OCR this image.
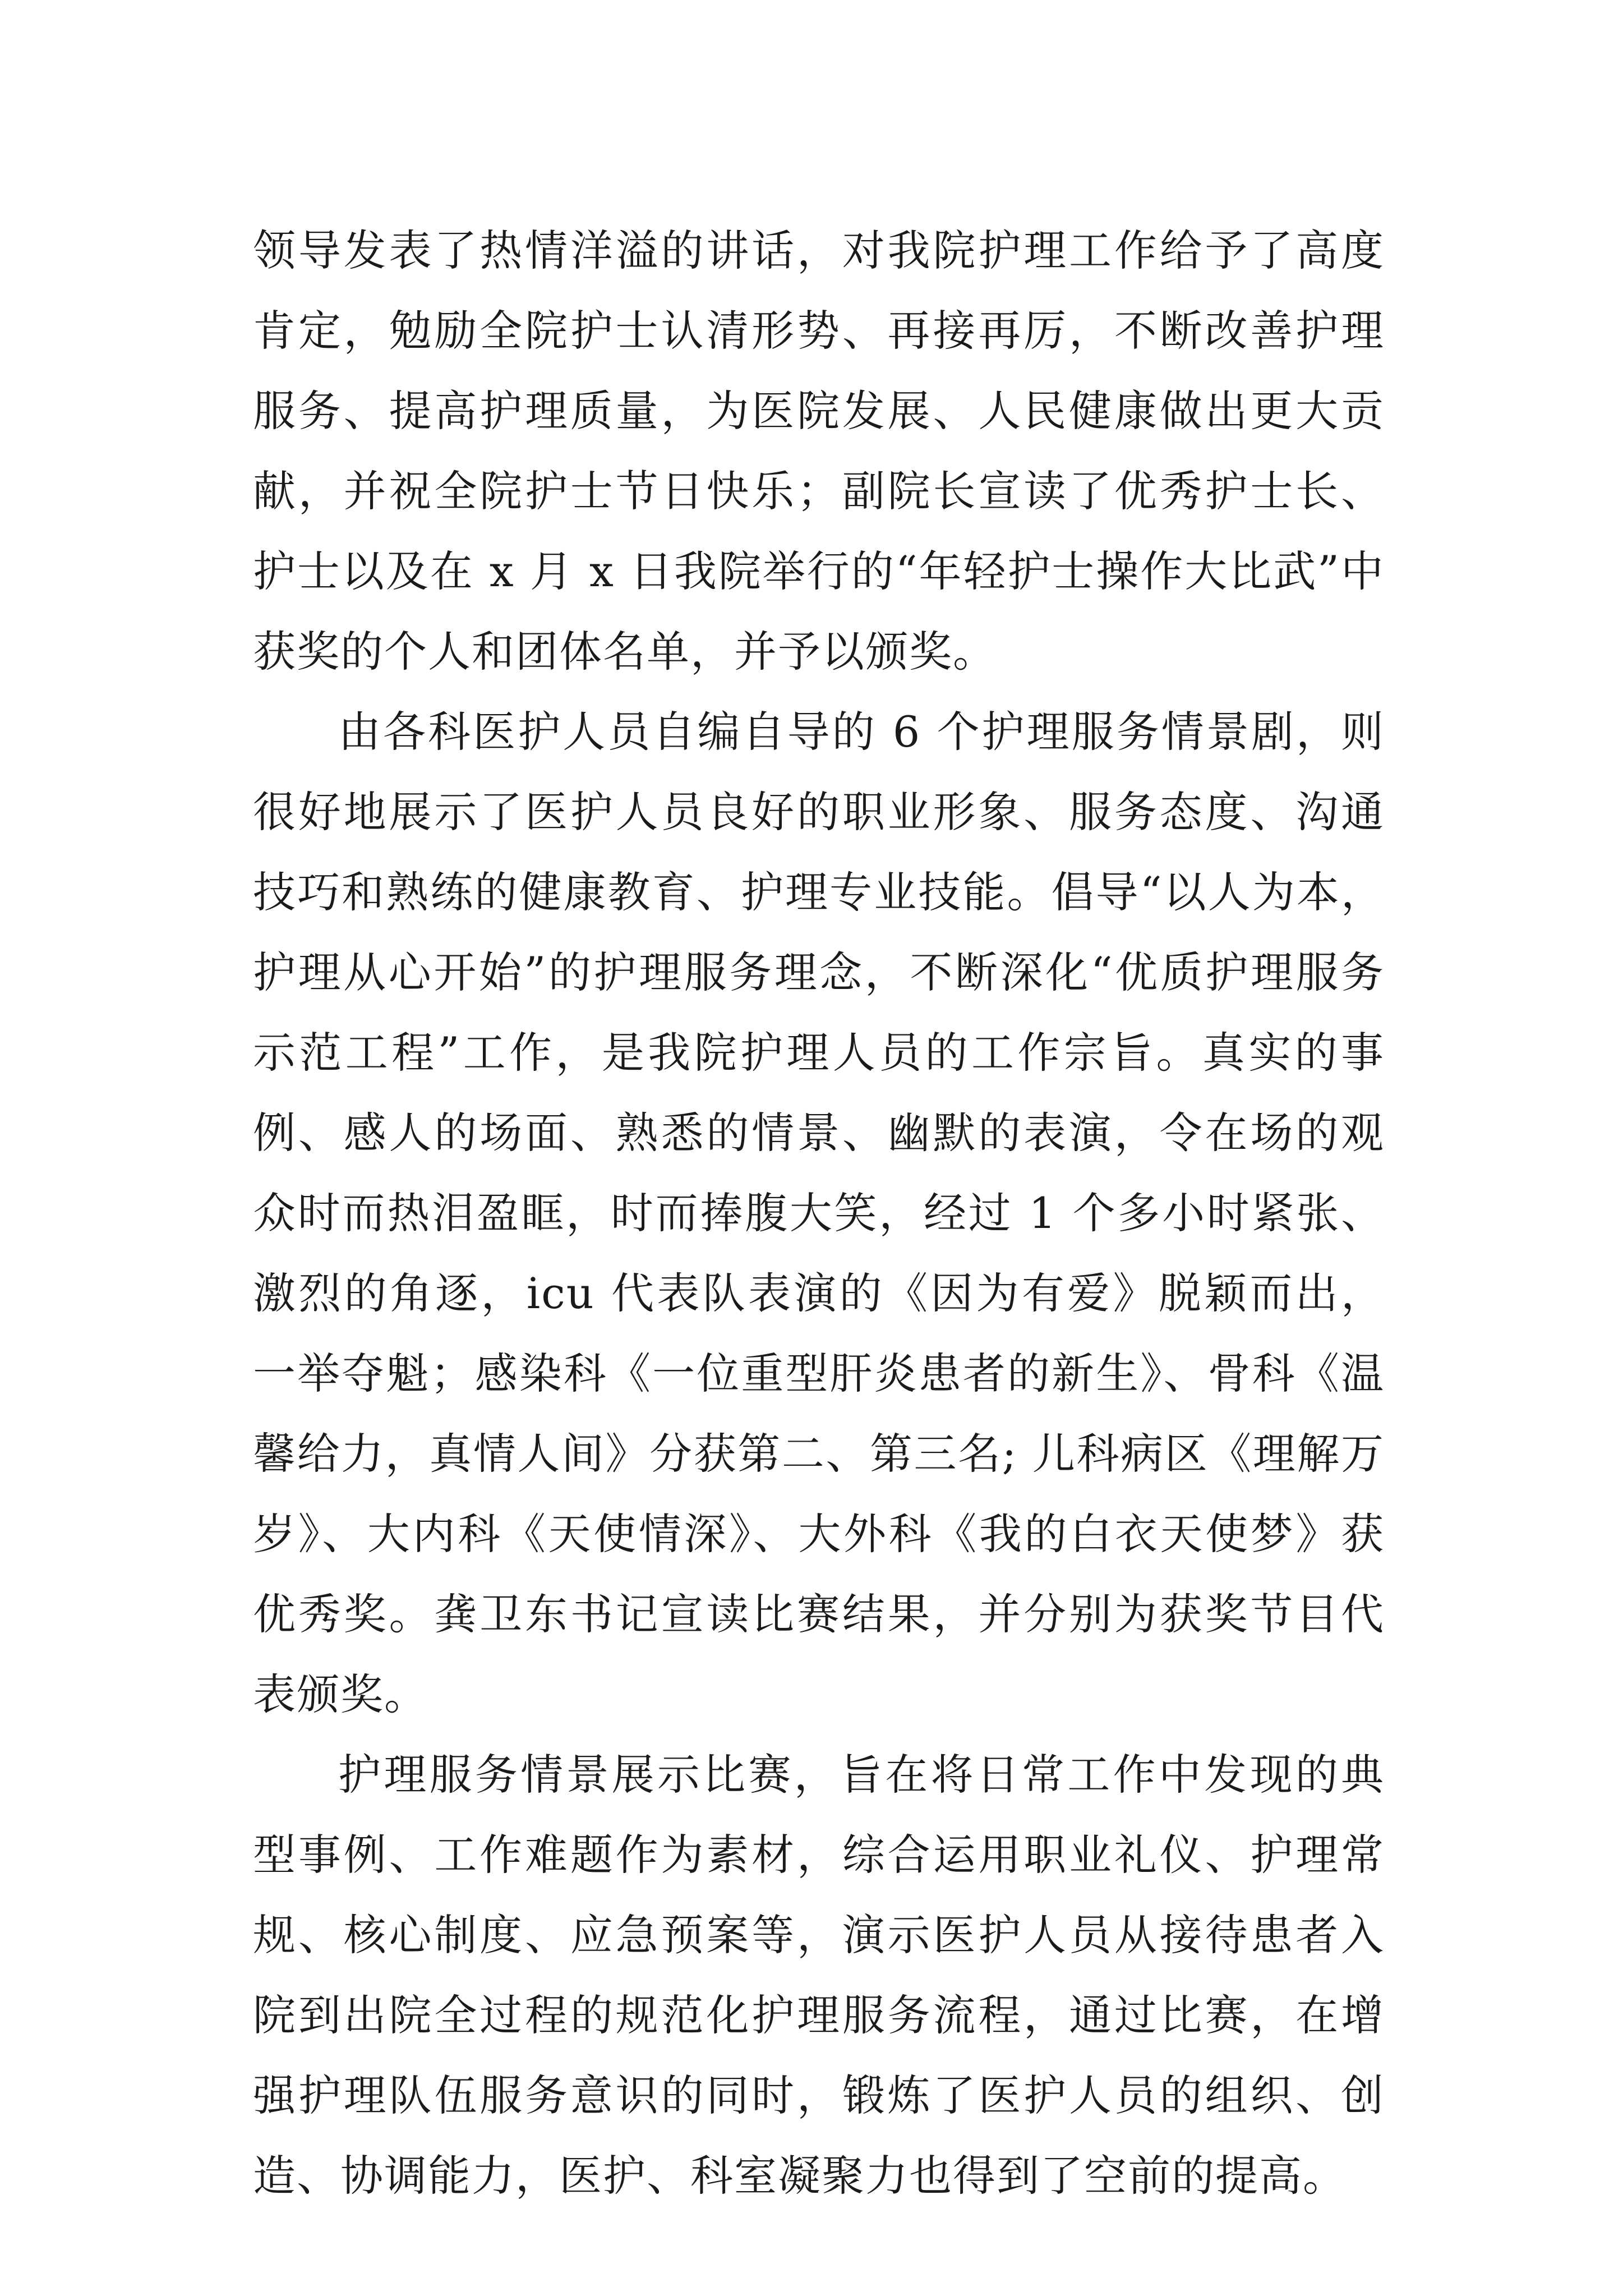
领导发表了热情洋溢的讲话，对我院护理工作给予了高度肯定，勉励全院护士认清形势、再接再厉，不断改善护理服务、提高护理质量，为医院发展、人民健康做出更大贡献，并祝全院护士节日快乐；副院长宣读了优秀护士长、护士以及在 x 月 x 日我院举行的“年轻护士操作大比武”中获奖的个人和团体名单，并予以颁奖。

由各科医护人员自编自导的 6 个护理服务情景剧，则很好地展示了医护人员良好的职业形象、服务态度、沟通技巧和熟练的健康教育、护理专业技能。倡导“以人为本，护理从心开始”的护理服务理念，不断深化“优质护理服务示范工程”工作，是我院护理人员的工作宗旨。真实的事例、感人的场面、熟悉的情景、幽默的表演，令在场的观众时而热泪盈眶，时而捧腹大笑，经过 1 个多小时紧张、激烈的角逐，icu 代表队表演的《因为有爱》脱颖而出，一举夺魁；感染科《一位重型肝炎患者的新生》、骨科《温馨给力，真情人间》分获第二、第三名; 儿科病区《理解万岁》、大内科《天使情深》、大外科《我的白衣天使梦》获优秀奖。龚卫东书记宣读比赛结果，并分别为获奖节目代表颁奖。

护理服务情景展示比赛，旨在将日常工作中发现的典型事例、工作难题作为素材，综合运用职业礼仪、护理常规、核心制度、应急预案等，演示医护人员从接待患者入院到出院全过程的规范化护理服务流程，通过比赛，在增强护理队伍服务意识的同时，锻炼了医护人员的组织、创造、协调能力，医护、科室凝聚力也得到了空前的提高。
